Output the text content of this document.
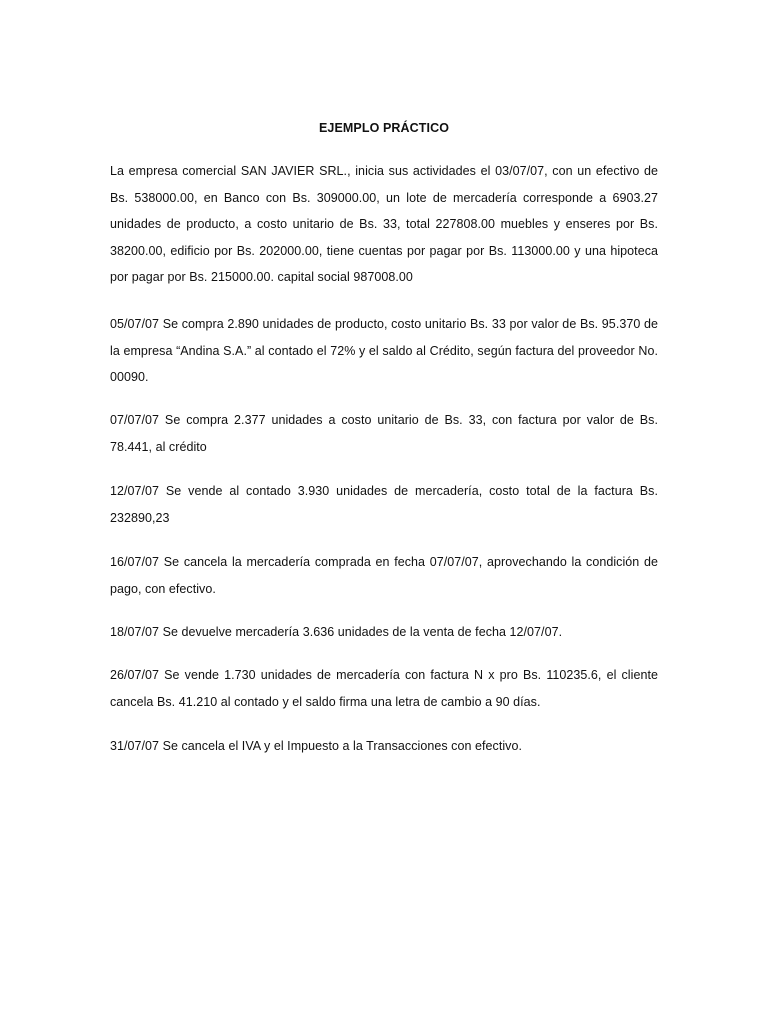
EJEMPLO PRÁCTICO

La empresa comercial SAN JAVIER SRL., inicia sus actividades el 03/07/07, con un efectivo de Bs. 538000.00, en Banco con Bs. 309000.00, un lote de mercadería corresponde a 6903.27 unidades de producto, a costo unitario de Bs. 33, total 227808.00 muebles y enseres por Bs. 38200.00, edificio por Bs. 202000.00, tiene cuentas por pagar por Bs. 113000.00 y una hipoteca por pagar por Bs. 215000.00. capital social 987008.00

05/07/07 Se compra 2.890 unidades de producto, costo unitario Bs. 33 por valor de Bs. 95.370 de la empresa “Andina S.A.” al contado el 72% y el saldo al Crédito, según factura del proveedor No. 00090.

07/07/07 Se compra 2.377 unidades a costo unitario de Bs. 33, con factura por valor de Bs. 78.441, al crédito

12/07/07 Se vende al contado 3.930 unidades de mercadería, costo total de la factura Bs. 232890,23

16/07/07 Se cancela la mercadería comprada en fecha 07/07/07, aprovechando la condición de pago, con efectivo.

18/07/07 Se devuelve mercadería 3.636 unidades de la venta de fecha 12/07/07.

26/07/07 Se vende 1.730 unidades de mercadería con factura N x pro Bs. 110235.6, el cliente cancela Bs. 41.210 al contado y el saldo firma una letra de cambio a 90 días.

31/07/07 Se cancela el IVA y el Impuesto a la Transacciones con efectivo.
